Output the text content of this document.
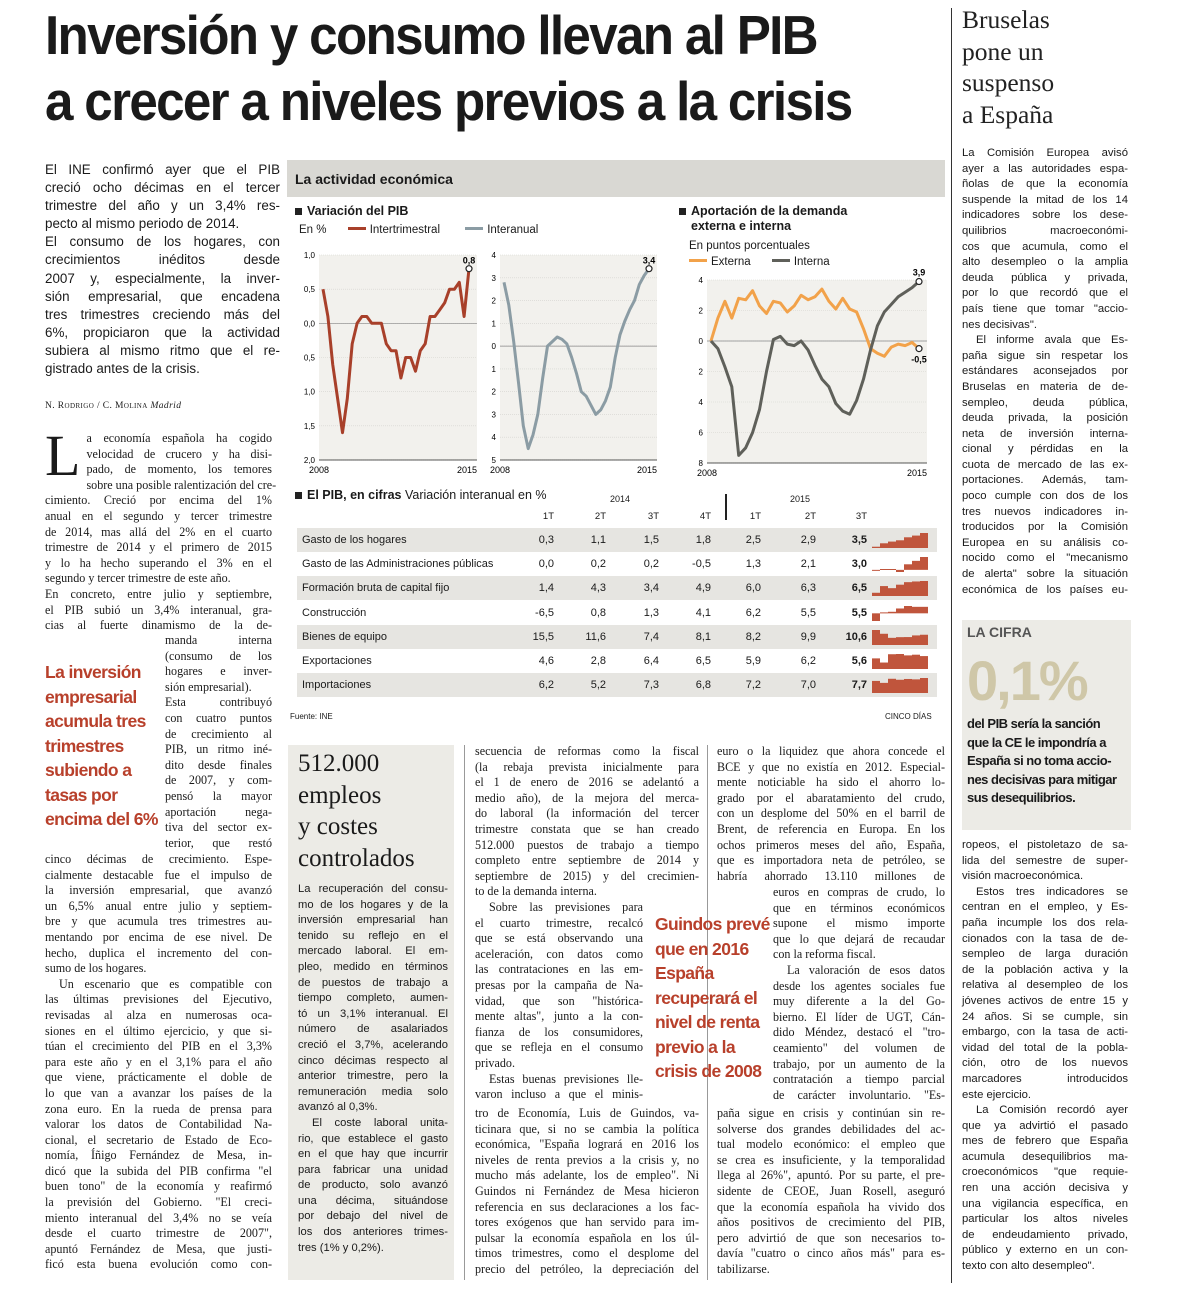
Inversión y consumo llevan al PIB
a crecer a niveles previos a la crisis
El INE confirmó ayer que el PIB
creció ocho décimas en el tercer
trimestre del año y un 3,4% res-
pecto al mismo periodo de 2014.
El consumo de los hogares, con
crecimientos inéditos desde
2007 y, especialmente, la inver-
sión empresarial, que encadena
tres trimestres creciendo más del
6%, propiciaron que la actividad
subiera al mismo ritmo que el re-
gistrado antes de la crisis.
N. Rodrigo / C. Molina Madrid
L a economía española ha cogido
velocidad de crucero y ha disi-
pado, de momento, los temores
sobre una posible ralentización del cre-
cimiento. Creció por encima del 1%
anual en el segundo y tercer trimestre
de 2014, mas allá del 2% en el cuarto
trimestre de 2014 y el primero de 2015
y lo ha hecho superando el 3% en el
segundo y tercer trimestre de este año.
En concreto, entre julio y septiembre,
el PIB subió un 3,4% interanual, gra-
cias al fuerte dinamismo de la de-
La inversión
empresarial
acumula tres
trimestres
subiendo a
tasas por
encima del 6%
manda interna
(consumo de los
hogares e inver-
sión empresarial).
Esta contribuyó
con cuatro puntos
de crecimiento al
PIB, un ritmo iné-
dito desde finales
de 2007, y com-
pensó la mayor
aportación nega-
tiva del sector ex-
terior, que restó
cinco décimas de crecimiento. Espe-
cialmente destacable fue el impulso de
la inversión empresarial, que avanzó
un 6,5% anual entre julio y septiem-
bre y que acumula tres trimestres au-
mentando por encima de ese nivel. De
hecho, duplica el incremento del con-
sumo de los hogares.
Un escenario que es compatible con
las últimas previsiones del Ejecutivo,
revisadas al alza en numerosas oca-
siones en el último ejercicio, y que si-
túan el crecimiento del PIB en el 3,3%
para este año y en el 3,1% para el año
que viene, prácticamente el doble de
lo que van a avanzar los países de la
zona euro. En la rueda de prensa para
valorar los datos de Contabilidad Na-
cional, el secretario de Estado de Eco-
nomía, Íñigo Fernández de Mesa, in-
dicó que la subida del PIB confirma "el
buen tono" de la economía y reafirmó
la previsión del Gobierno. "El creci-
miento interanual del 3,4% no se veía
desde el cuarto trimestre de 2007",
apuntó Fernández de Mesa, que justi-
ficó esta buena evolución como con-
512.000
empleos
y costes
controlados
La recuperación del consu-
mo de los hogares y de la
inversión empresarial han
tenido su reflejo en el
mercado laboral. El em-
pleo, medido en términos
de puestos de trabajo a
tiempo completo, aumen-
tó un 3,1% interanual. El
número de asalariados
creció el 3,7%, acelerando
cinco décimas respecto al
anterior trimestre, pero la
remuneración media solo
avanzó al 0,3%.
El coste laboral unita-
rio, que establece el gasto
en el que hay que incurrir
para fabricar una unidad
de producto, solo avanzó
una décima, situándose
por debajo del nivel de
los dos anteriores trimes-
tres (1% y 0,2%).
secuencia de reformas como la fiscal
(la rebaja prevista inicialmente para
el 1 de enero de 2016 se adelantó a
medio año), de la mejora del merca-
do laboral (la información del tercer
trimestre constata que se han creado
512.000 puestos de trabajo a tiempo
completo entre septiembre de 2014 y
septiembre de 2015) y del crecimien-
to de la demanda interna.
Sobre las previsiones para
el cuarto trimestre, recalcó
que se está observando una
aceleración, con datos como
las contrataciones en las em-
presas por la campaña de Na-
vidad, que son "histórica-
mente altas", junto a la con-
fianza de los consumidores,
que se refleja en el consumo
privado.
Estas buenas previsiones lle-
varon incluso a que el minis-
Guindos prevé
que en 2016
España
recuperará el
nivel de renta
previo a la
crisis de 2008
tro de Economía, Luis de Guindos, va-
ticinara que, si no se cambia la política
económica, "España logrará en 2016 los
niveles de renta previos a la crisis y, no
mucho más adelante, los de empleo". Ni
Guindos ni Fernández de Mesa hicieron
referencia en sus declaraciones a los fac-
tores exógenos que han servido para im-
pulsar la economía española en los úl-
timos trimestres, como el desplome del
precio del petróleo, la depreciación del
euro o la liquidez que ahora concede el
BCE y que no existía en 2012. Especial-
mente noticiable ha sido el ahorro lo-
grado por el abaratamiento del crudo,
con un desplome del 50% en el barril de
Brent, de referencia en Europa. En los
ochos primeros meses del año, España,
que es importadora neta de petróleo, se
habría ahorrado 13.110 millones de
euros en compras de crudo, lo
que en términos económicos
supone el mismo importe
que lo que dejará de recaudar
con la reforma fiscal.
La valoración de esos datos
desde los agentes sociales fue
muy diferente a la del Go-
bierno. El líder de UGT, Cán-
dido Méndez, destacó el "tro-
ceamiento" del volumen de
trabajo, por un aumento de la
contratación a tiempo parcial
de carácter involuntario. "Es-
paña sigue en crisis y continúan sin re-
solverse dos grandes debilidades del ac-
tual modelo económico: el empleo que
se crea es insuficiente, y la temporalidad
llega al 26%", apuntó. Por su parte, el pre-
sidente de CEOE, Juan Rosell, aseguró
que la economía española ha vivido dos
años positivos de crecimiento del PIB,
pero advirtió de que son necesarios to-
davía "cuatro o cinco años más" para es-
tabilizarse.
Bruselas
pone un
suspenso
a España
La Comisión Europea avisó
ayer a las autoridades espa-
ñolas de que la economía
suspende la mitad de los 14
indicadores sobre los dese-
quilibrios macroeconómi-
cos que acumula, como el
alto desempleo o la amplia
deuda pública y privada,
por lo que recordó que el
país tiene que tomar "accio-
nes decisivas".
El informe avala que Es-
paña sigue sin respetar los
estándares aconsejados por
Bruselas en materia de de-
sempleo, deuda pública,
deuda privada, la posición
neta de inversión interna-
cional y pérdidas en la
cuota de mercado de las ex-
portaciones. Además, tam-
poco cumple con dos de los
tres nuevos indicadores in-
troducidos por la Comisión
Europea en su análisis co-
nocido como el "mecanismo
de alerta" sobre la situación
económica de los países eu-
LA CIFRA
0,1%
del PIB sería la sanción
que la CE le impondría a
España si no toma accio-
nes decisivas para mitigar
sus desequilibrios.
ropeos, el pistoletazo de sa-
lida del semestre de super-
visión macroeconómica.
Estos tres indicadores se
centran en el empleo, y Es-
paña incumple los dos rela-
cionados con la tasa de de-
sempleo de larga duración
de la población activa y la
relativa al desempleo de los
jóvenes activos de entre 15 y
24 años. Si se cumple, sin
embargo, con la tasa de acti-
vidad del total de la pobla-
ción, otro de los nuevos
marcadores introducidos
este ejercicio.
La Comisión recordó ayer
que ya advirtió el pasado
mes de febrero que España
acumula desequilibrios ma-
croeconómicos "que requie-
ren una acción decisiva y
una vigilancia específica, en
particular los altos niveles
de endeudamiento privado,
público y externo en un con-
texto con alto desempleo".
La actividad económica
Variación del PIB
En %	Intertrimestral	Interanual
Aportación de la demanda
externa e interna
En puntos porcentuales
Externa	Interna
1,0
0,5
0,0
0,5
1,0
1,5
2,0
2008	2015
0,8
4
3
2
1
0
1
2
3
4
5
2008	2015
3,4
4
2
0
2
4
6
8
2008	2015
-0,5
3,9
El PIB, en cifras Variación interanual en %	2014	2015
1T	2T	3T	4T	1T	2T	3T
Gasto de los hogares	0,3	1,1	1,5	1,8	2,5	2,9	3,5
Gasto de las Administraciones públicas	0,0	0,2	0,2	-0,5	1,3	2,1	3,0
Formación bruta de capital fijo	1,4	4,3	3,4	4,9	6,0	6,3	6,5
Construcción	-6,5	0,8	1,3	4,1	6,2	5,5	5,5
Bienes de equipo	15,5	11,6	7,4	8,1	8,2	9,9	10,6
Exportaciones	4,6	2,8	6,4	6,5	5,9	6,2	5,6
Importaciones	6,2	5,2	7,3	6,8	7,2	7,0	7,7
Fuente: INE	CINCO DÍAS
